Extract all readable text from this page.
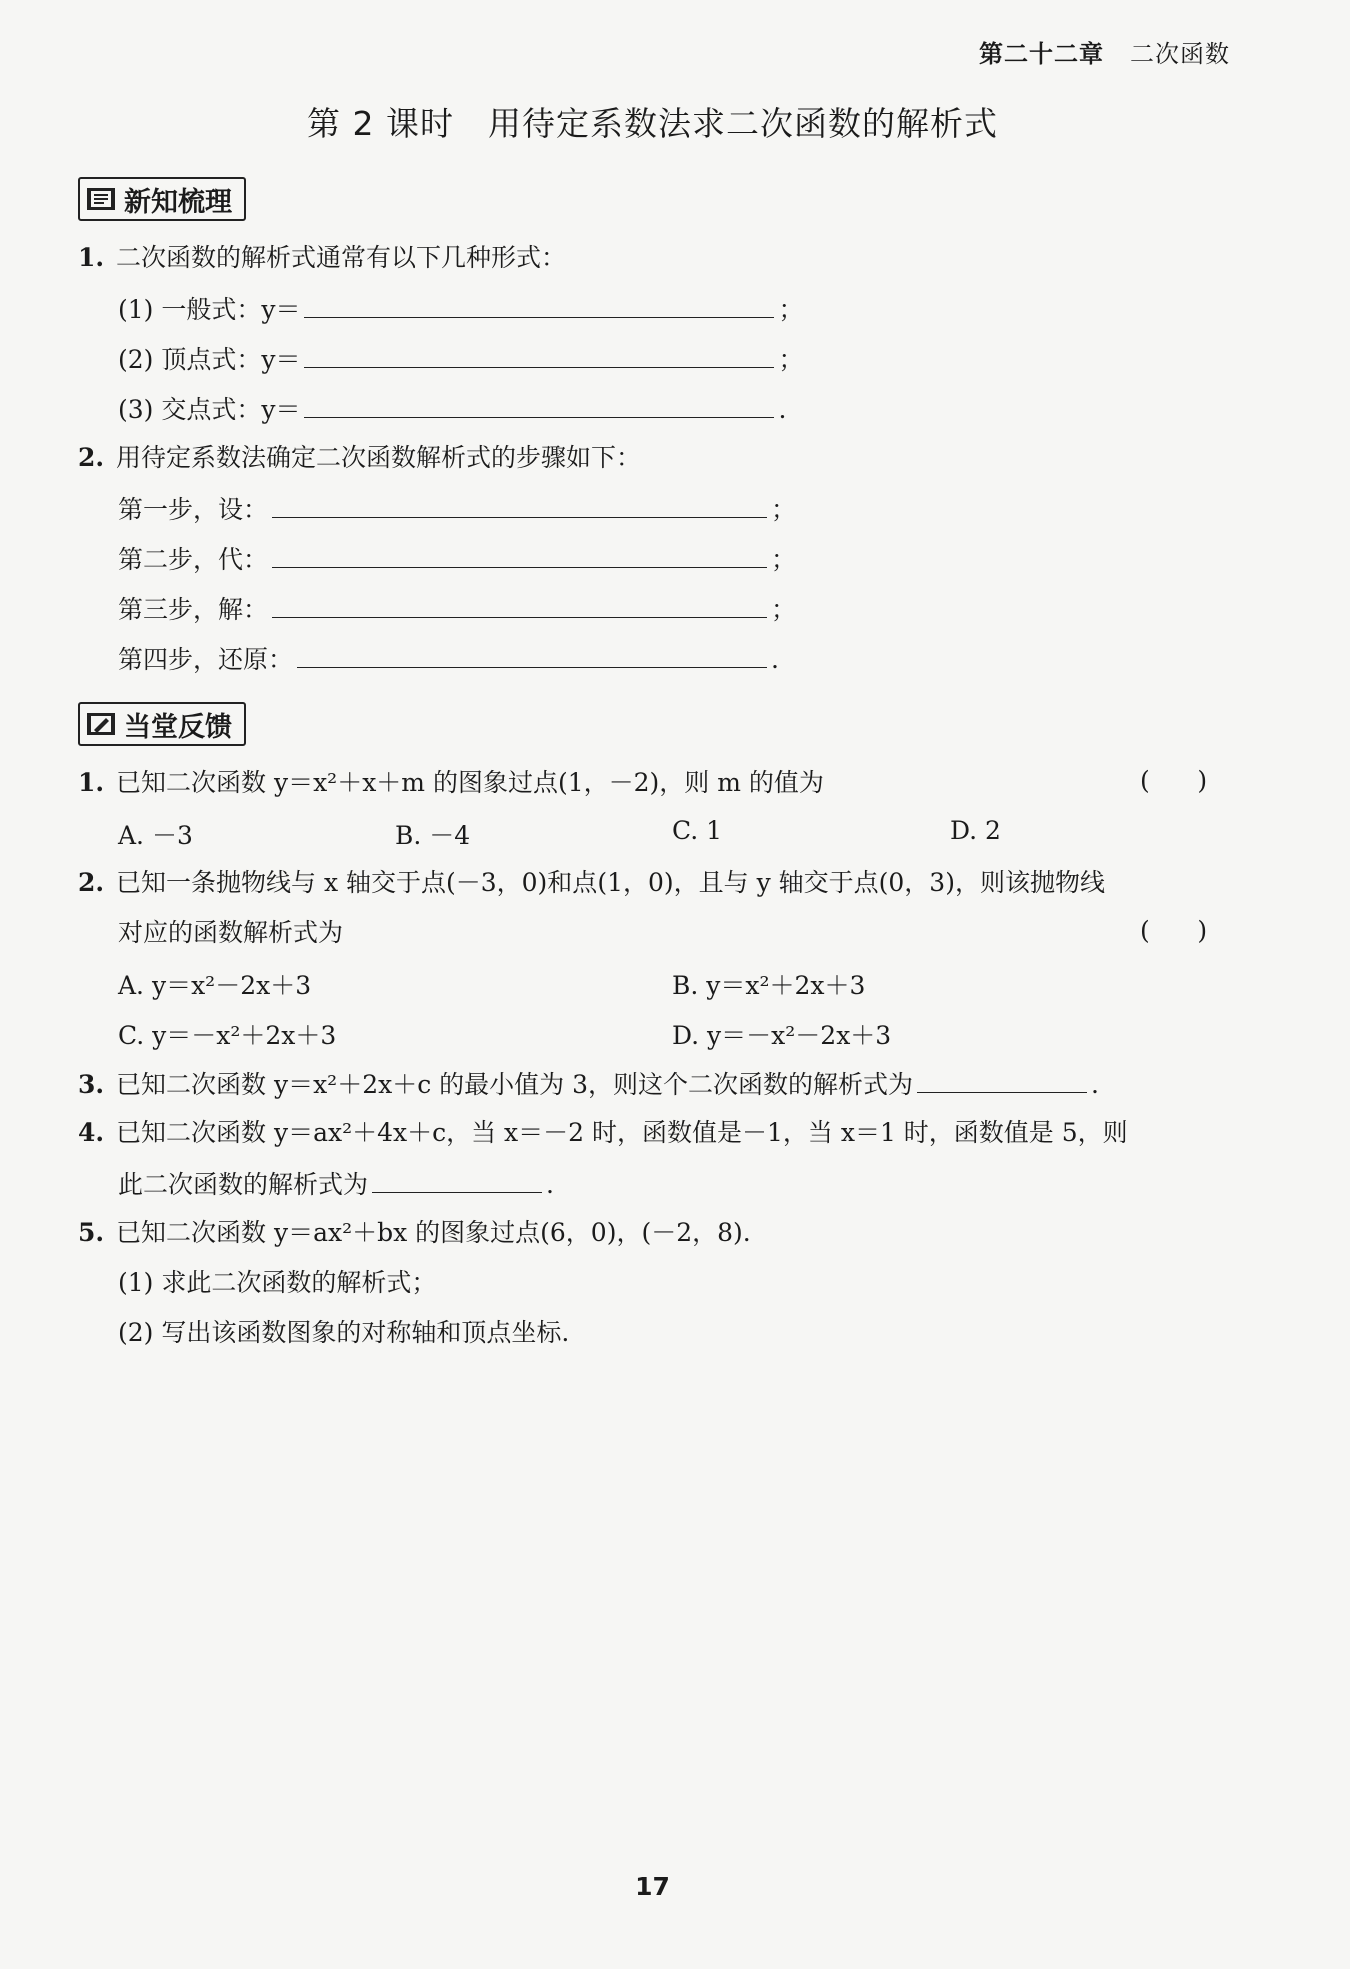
第二十二章 二次函数
第 2 课时 用待定系数法求二次函数的解析式
新知梳理
1. 二次函数的解析式通常有以下几种形式：
(1) 一般式：y＝	；
(2) 顶点式：y＝	；
(3) 交点式：y＝	.
2. 用待定系数法确定二次函数解析式的步骤如下：
第一步，设：	；
第二步，代：	；
第三步，解：	；
第四步，还原：	.
当堂反馈
1. 已知二次函数 y＝x²＋x＋m 的图象过点(1，－2)，则 m 的值为	(      )
A. －3	B. －4	C. 1	D. 2
2. 已知一条抛物线与 x 轴交于点(－3，0)和点(1，0)，且与 y 轴交于点(0，3)，则该抛物线
对应的函数解析式为	(      )
A. y＝x²－2x＋3	B. y＝x²＋2x＋3
C. y＝－x²＋2x＋3	D. y＝－x²－2x＋3
3. 已知二次函数 y＝x²＋2x＋c 的最小值为 3，则这个二次函数的解析式为	.
4. 已知二次函数 y＝ax²＋4x＋c，当 x＝－2 时，函数值是－1，当 x＝1 时，函数值是 5，则
此二次函数的解析式为	.
5. 已知二次函数 y＝ax²＋bx 的图象过点(6，0)，(－2，8).
(1) 求此二次函数的解析式；
(2) 写出该函数图象的对称轴和顶点坐标.
17
